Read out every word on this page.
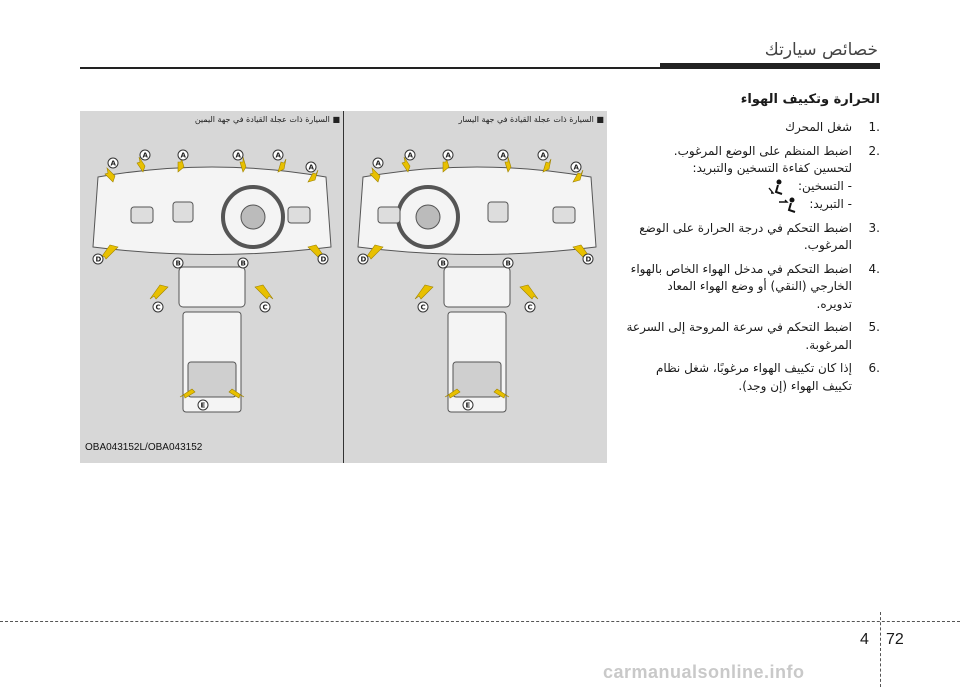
خصائص سيارتك
■ السيارة ذات عجلة القيادة في جهة اليمين	■ السيارة ذات عجلة القيادة في جهة اليسار
A
A	A	A	A
A
B	B
C	C
D	D
E
A
A	A	A	A
A
B	B
C	C
D	D
E
OBA043152L/OBA043152
الحرارة وتكييف الهواء
1.
شغل المحرك
2.
اضبط المنظم على الوضع المرغوب.
لتحسين كفاءة التسخين والتبريد:
- التسخين:
- التبريد:
3.
اضبط التحكم في درجة الحرارة على الوضع
المرغوب.
4.
اضبط التحكم في مدخل الهواء الخاص بالهواء
الخارجي (النقي) أو وضع الهواء المعاد
تدويره.
5.
اضبط التحكم في سرعة المروحة إلى السرعة
المرغوبة.
6.
إذا كان تكييف الهواء مرغوبًا، شغل نظام
تكييف الهواء (إن وجد).
4 72
carmanualsonline.info
